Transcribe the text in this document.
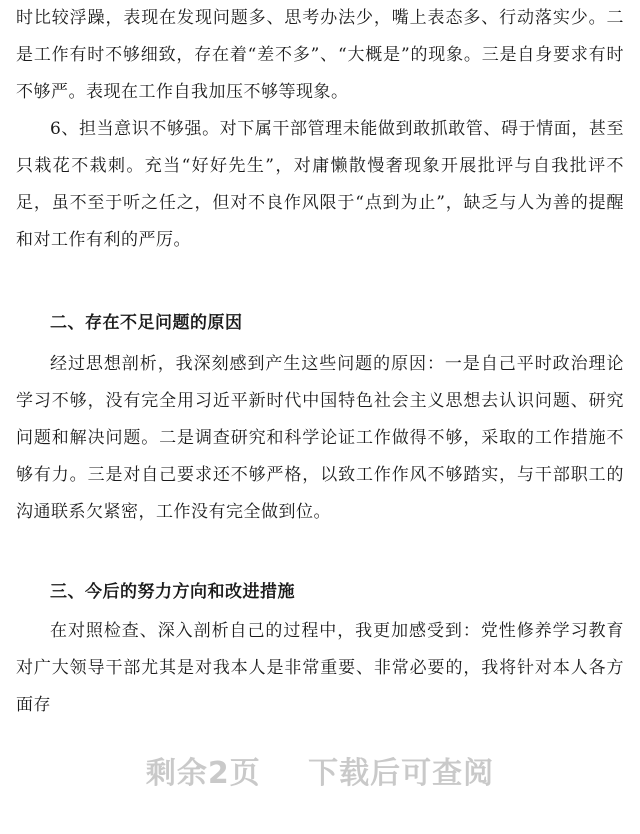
时比较浮躁，表现在发现问题多、思考办法少，嘴上表态多、行动落实少。二是工作有时不够细致，存在着“差不多”、“大概是”的现象。三是自身要求有时不够严。表现在工作自我加压不够等现象。

6、担当意识不够强。对下属干部管理未能做到敢抓敢管、碍于情面，甚至只栽花不栽刺。充当“好好先生”，对庸懒散慢奢现象开展批评与自我批评不足，虽不至于听之任之，但对不良作风限于“点到为止”，缺乏与人为善的提醒和对工作有利的严厉。

二、存在不足问题的原因

经过思想剖析，我深刻感到产生这些问题的原因：一是自己平时政治理论学习不够，没有完全用习近平新时代中国特色社会主义思想去认识问题、研究问题和解决问题。二是调查研究和科学论证工作做得不够，采取的工作措施不够有力。三是对自己要求还不够严格，以致工作作风不够踏实，与干部职工的沟通联系欠紧密，工作没有完全做到位。

三、今后的努力方向和改进措施

在对照检查、深入剖析自己的过程中，我更加感受到：党性修养学习教育对广大领导干部尤其是对我本人是非常重要、非常必要的，我将针对本人各方面存

剩余2页 下载后可查阅
